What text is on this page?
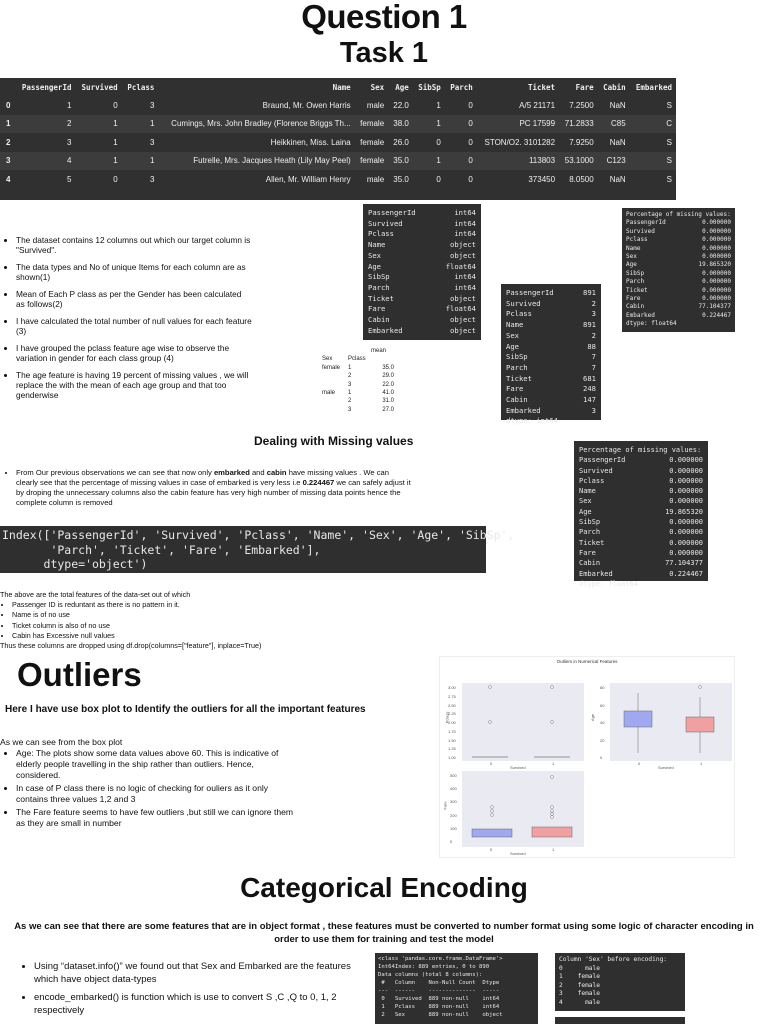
Question 1
Task 1
	PassengerId	Survived	Pclass	Name	Sex	Age	SibSp	Parch	Ticket	Fare	Cabin	Embarked
0	1	0	3	Braund, Mr. Owen Harris	male	22.0	1	0	A/5 21171	7.2500	NaN	S
1	2	1	1	Cumings, Mrs. John Bradley (Florence Briggs Th...	female	38.0	1	0	PC 17599	71.2833	C85	C
2	3	1	3	Heikkinen, Miss. Laina	female	26.0	0	0	STON/O2. 3101282	7.9250	NaN	S
3	4	1	1	Futrelle, Mrs. Jacques Heath (Lily May Peel)	female	35.0	1	0	113803	53.1000	C123	S
4	5	0	3	Allen, Mr. William Henry	male	35.0	0	0	373450	8.0500	NaN	S
• The dataset contains 12 columns out which our target column is "Survived".
• The data types and No of unique Items for each column are as shown(1)
• Mean of Each P class as per the Gender has been calculated as follows(2)
• I have calculated the total number of null values for each feature (3)
• I have grouped the pclass feature age wise to observe the variation in gender for each class group (4)
• The age feature is having 19 percent of missing values , we will replace the with the mean of each age group and that too genderwise
PassengerId	int64
Survived	int64
Pclass	int64
Name	object
Sex	object
Age	float64
SibSp	int64
Parch	int64
Ticket	object
Fare	float64
Cabin	object
Embarked	object
mean
Sex	Pclass
female	1	35.0
2	29.0
3	22.0
male	1	41.0
2	31.0
3	27.0
PassengerId	891
Survived	2
Pclass	3
Name	891
Sex	2
Age	88
SibSp	7
Parch	7
Ticket	681
Fare	248
Cabin	147
Embarked	3
dtype: int64
Percentage of missing values:
PassengerId	0.000000
Survived	0.000000
Pclass	0.000000
Name	0.000000
Sex	0.000000
Age	19.865320
SibSp	0.000000
Parch	0.000000
Ticket	0.000000
Fare	0.000000
Cabin	77.104377
Embarked	0.224467
dtype: float64
Dealing with Missing values
• From Our previous observations we can see that now only embarked and cabin have missing values . We can clearly see that the percentage of missing values in case of embarked is very less i.e 0.224467 we can safely adjust it by droping the unnecessary columns also the cabin feature has very high number of missing data points hence the complete column is removed
Percentage of missing values:
PassengerId	0.000000
Survived	0.000000
Pclass	0.000000
Name	0.000000
Sex	0.000000
Age	19.865320
SibSp	0.000000
Parch	0.000000
Ticket	0.000000
Fare	0.000000
Cabin	77.104377
Embarked	0.224467
dtype: float64
Index(['PassengerId', 'Survived', 'Pclass', 'Name', 'Sex', 'Age', 'SibSp',
'Parch', 'Ticket', 'Fare', 'Embarked'],
dtype='object')
The above are the total features of the data-set out of which
• Passenger ID is reduntant as there is no pattern in it.
• Name is of no use
• Ticket column is also of no use
• Cabin has Excessive null values
Thus these columns are dropped using df.drop(columns=["feature"], inplace=True)
Outliers
Here I have use box plot to Identify the outliers for all the important features
As we can see from the box plot
• Age: The plots show some data values above 60. This is indicative of elderly people travelling in the ship rather than outliers. Hence, considered.
• In case of P class there is no logic of checking for ouliers as it only contains three values 1,2 and 3
• The Fare feature seems to have few outliers ,but still we can ignore them as they are small in number
Outliers in Numerical Features
3.00
2.75
2.50
2.25
2.00
1.75
1.50
1.25
1.00
80
60
40
20
0
500
400
300
200
100
0
Pclass	Age
Fare
Survived
0	1
Survived
0	1
Survived
0	1
Categorical Encoding
As we can see that there are some features that are in object format , these features must be converted to number format using some logic of character encoding in order to use them for training and test the model
• Using “dataset.info()” we found out that Sex and Embarked are the features which have object data-types
• encode_embarked() is function which is use to convert S ,C ,Q to 0, 1, 2 respectively
<class 'pandas.core.frame.DataFrame'>
Int64Index: 889 entries, 0 to 890
Data columns (total 8 columns):
#   Column    Non-Null Count  Dtype
---  ------    --------------  -----
0   Survived  889 non-null    int64
1   Pclass    889 non-null    int64
2   Sex       889 non-null    object
Column 'Sex' before encoding:
0      male
1    female
2    female
3    female
4      male
